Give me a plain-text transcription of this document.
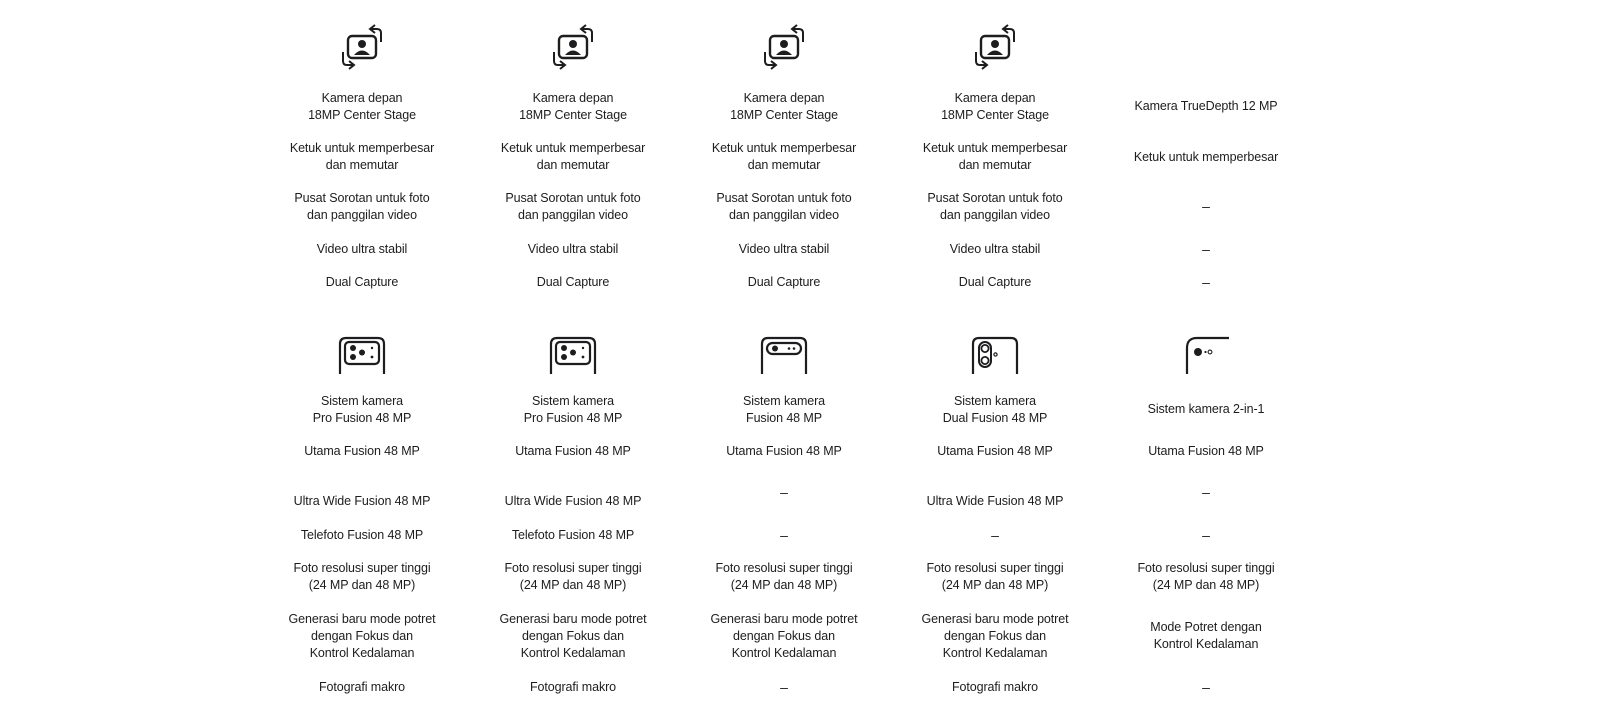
Kamera depan
18MP Center Stage
Ketuk untuk memperbesar
dan memutar
Pusat Sorotan untuk foto
dan panggilan video
Video ultra stabil
Dual Capture
Sistem kamera
Pro Fusion 48 MP
Utama Fusion 48 MP
Ultra Wide Fusion 48 MP
Telefoto Fusion 48 MP
Foto resolusi super tinggi
(24 MP dan 48 MP)
Generasi baru mode potret
dengan Fokus dan
Kontrol Kedalaman
Fotografi makro
Kamera depan
18MP Center Stage
Ketuk untuk memperbesar
dan memutar
Pusat Sorotan untuk foto
dan panggilan video
Video ultra stabil
Dual Capture
Sistem kamera
Pro Fusion 48 MP
Utama Fusion 48 MP
Ultra Wide Fusion 48 MP
Telefoto Fusion 48 MP
Foto resolusi super tinggi
(24 MP dan 48 MP)
Generasi baru mode potret
dengan Fokus dan
Kontrol Kedalaman
Fotografi makro
Kamera depan
18MP Center Stage
Ketuk untuk memperbesar
dan memutar
Pusat Sorotan untuk foto
dan panggilan video
Video ultra stabil
Dual Capture
Sistem kamera
Fusion 48 MP
Utama Fusion 48 MP
–
–
Foto resolusi super tinggi
(24 MP dan 48 MP)
Generasi baru mode potret
dengan Fokus dan
Kontrol Kedalaman
–
Kamera depan
18MP Center Stage
Ketuk untuk memperbesar
dan memutar
Pusat Sorotan untuk foto
dan panggilan video
Video ultra stabil
Dual Capture
Sistem kamera
Dual Fusion 48 MP
Utama Fusion 48 MP
Ultra Wide Fusion 48 MP
–
Foto resolusi super tinggi
(24 MP dan 48 MP)
Generasi baru mode potret
dengan Fokus dan
Kontrol Kedalaman
Fotografi makro
Kamera TrueDepth 12 MP
Ketuk untuk memperbesar
–
–
–
Sistem kamera 2-in-1
Utama Fusion 48 MP
–
–
Foto resolusi super tinggi
(24 MP dan 48 MP)
Mode Potret dengan
Kontrol Kedalaman
–
